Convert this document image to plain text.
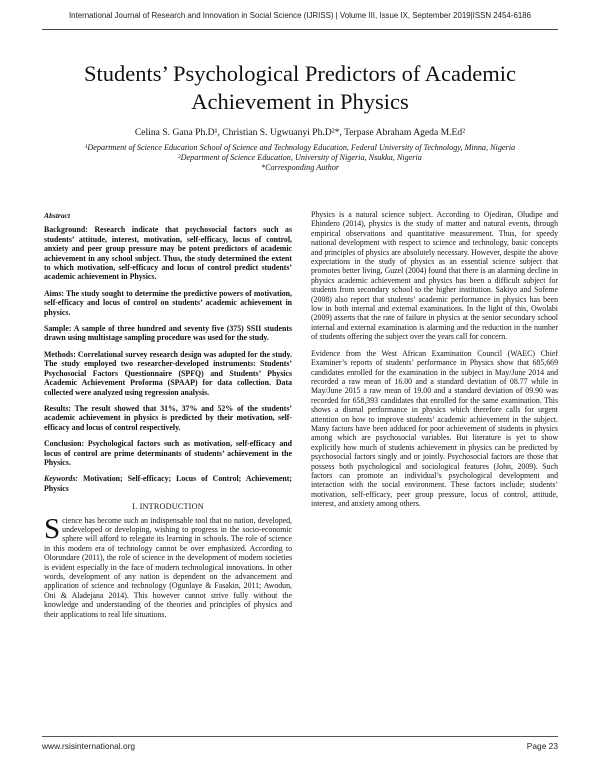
International Journal of Research and Innovation in Social Science (IJRISS) | Volume III, Issue IX, September 2019|ISSN 2454-6186
Students’ Psychological Predictors of Academic Achievement in Physics
Celina S. Gana Ph.D¹, Christian S. Ugwuanyi Ph.D²*, Terpase Abraham Ageda M.Ed²
¹Department of Science Education School of Science and Technology Education, Federal University of Technology, Minna, Nigeria
²Department of Science Education, University of Nigeria, Nsukka, Nigeria
*Corresponding Author
Abstract

Background: Research indicate that psychosocial factors such as students’ attitude, interest, motivation, self-efficacy, locus of control, anxiety and peer group pressure may be potent predictors of academic achievement in any school subject. Thus, the study determined the extent to which motivation, self-efficacy and locus of control predict students’ academic achievement in Physics.

Aims: The study sought to determine the predictive powers of motivation, self-efficacy and locus of control on students’ academic achievement in physics.

Sample: A sample of three hundred and seventy five (375) SSII students drawn using multistage sampling procedure was used for the study.

Methods: Correlational survey research design was adopted for the study. The study employed two researcher-developed instruments: Students’ Psychosocial Factors Questionnaire (SPFQ) and Students’ Physics Academic Achievement Proforma (SPAAP) for data collection. Data collected were analyzed using regression analysis.

Results: The result showed that 31%, 37% and 52% of the students’ academic achievement in physics is predicted by their motivation, self-efficacy and locus of control respectively.

Conclusion: Psychological factors such as motivation, self-efficacy and locus of control are prime determinants of students’ achievement in the Physics.

Keywords: Motivation; Self-efficacy; Locus of Control; Achievement; Physics

I. INTRODUCTION

Science has become such an indispensable tool that no nation, developed, undeveloped or developing, wishing to progress in the socio-economic sphere will afford to relegate its learning in schools. The role of science in this modern era of technology cannot be over emphasized. According to Olorundare (2011), the role of science in the development of modern societies is evident especially in the face of modern technological innovations. In other words, development of any nation is dependent on the advancement and application of science and technology (Ogunlaye & Fasakin, 2011; Awodun, Oni & Aladejana 2014). This however cannot strive fully without the knowledge and understanding of the theories and principles of physics and their applications to real life situations.

Physics is a natural science subject. According to Ojediran, Oludipe and Ehindero (2014), physics is the study of matter and natural events, through empirical observations and quantitative measurement. Thus, for speedy national development with respect to science and technology, basic concepts and principles of physics are absolutely necessary. However, despite the above expectations in the study of physics as an essential science subject that promotes better living, Guzel (2004) found that there is an alarming decline in physics academic achievement and physics has been a difficult subject for students from secondary school to the higher institution. Sakiyo and Sofeme (2008) also report that students’ academic performance in physics has been low in both internal and external examinations. In the light of this, Owolabi (2009) asserts that the rate of failure in physics at the senior secondary school internal and external examination is alarming and the reduction in the number of students offering the subject over the years call for concern.

Evidence from the West African Examination Council (WAEC) Chief Examiner’s reports of students’ performance in Physics show that 685,669 candidates enrolled for the examination in the subject in May/June 2014 and recorded a raw mean of 16.00 and a standard deviation of 08.77 while in May/June 2015 a raw mean of 19.00 and a standard deviation of 09.90 was recorded for 658,393 candidates that enrolled for the same examination. This shows a dismal performance in physics which therefore calls for urgent attention on how to improve students’ academic achievement in the subject. Many factors have been adduced for poor achievement of students in physics among which are psychosocial variables. But literature is yet to show explicitly how much of students achievement in physics can be predicted by psychosocial factors singly and or jointly. Psychosocial factors are those that possess both psychological and sociological features (John, 2009). Such factors can promote an individual’s psychological development and interaction with the social environment. These factors include; students’ motivation, self-efficacy, peer group pressure, locus of control, attitude, interest, and anxiety among others.

www.rsisinternational.org	Page 23
